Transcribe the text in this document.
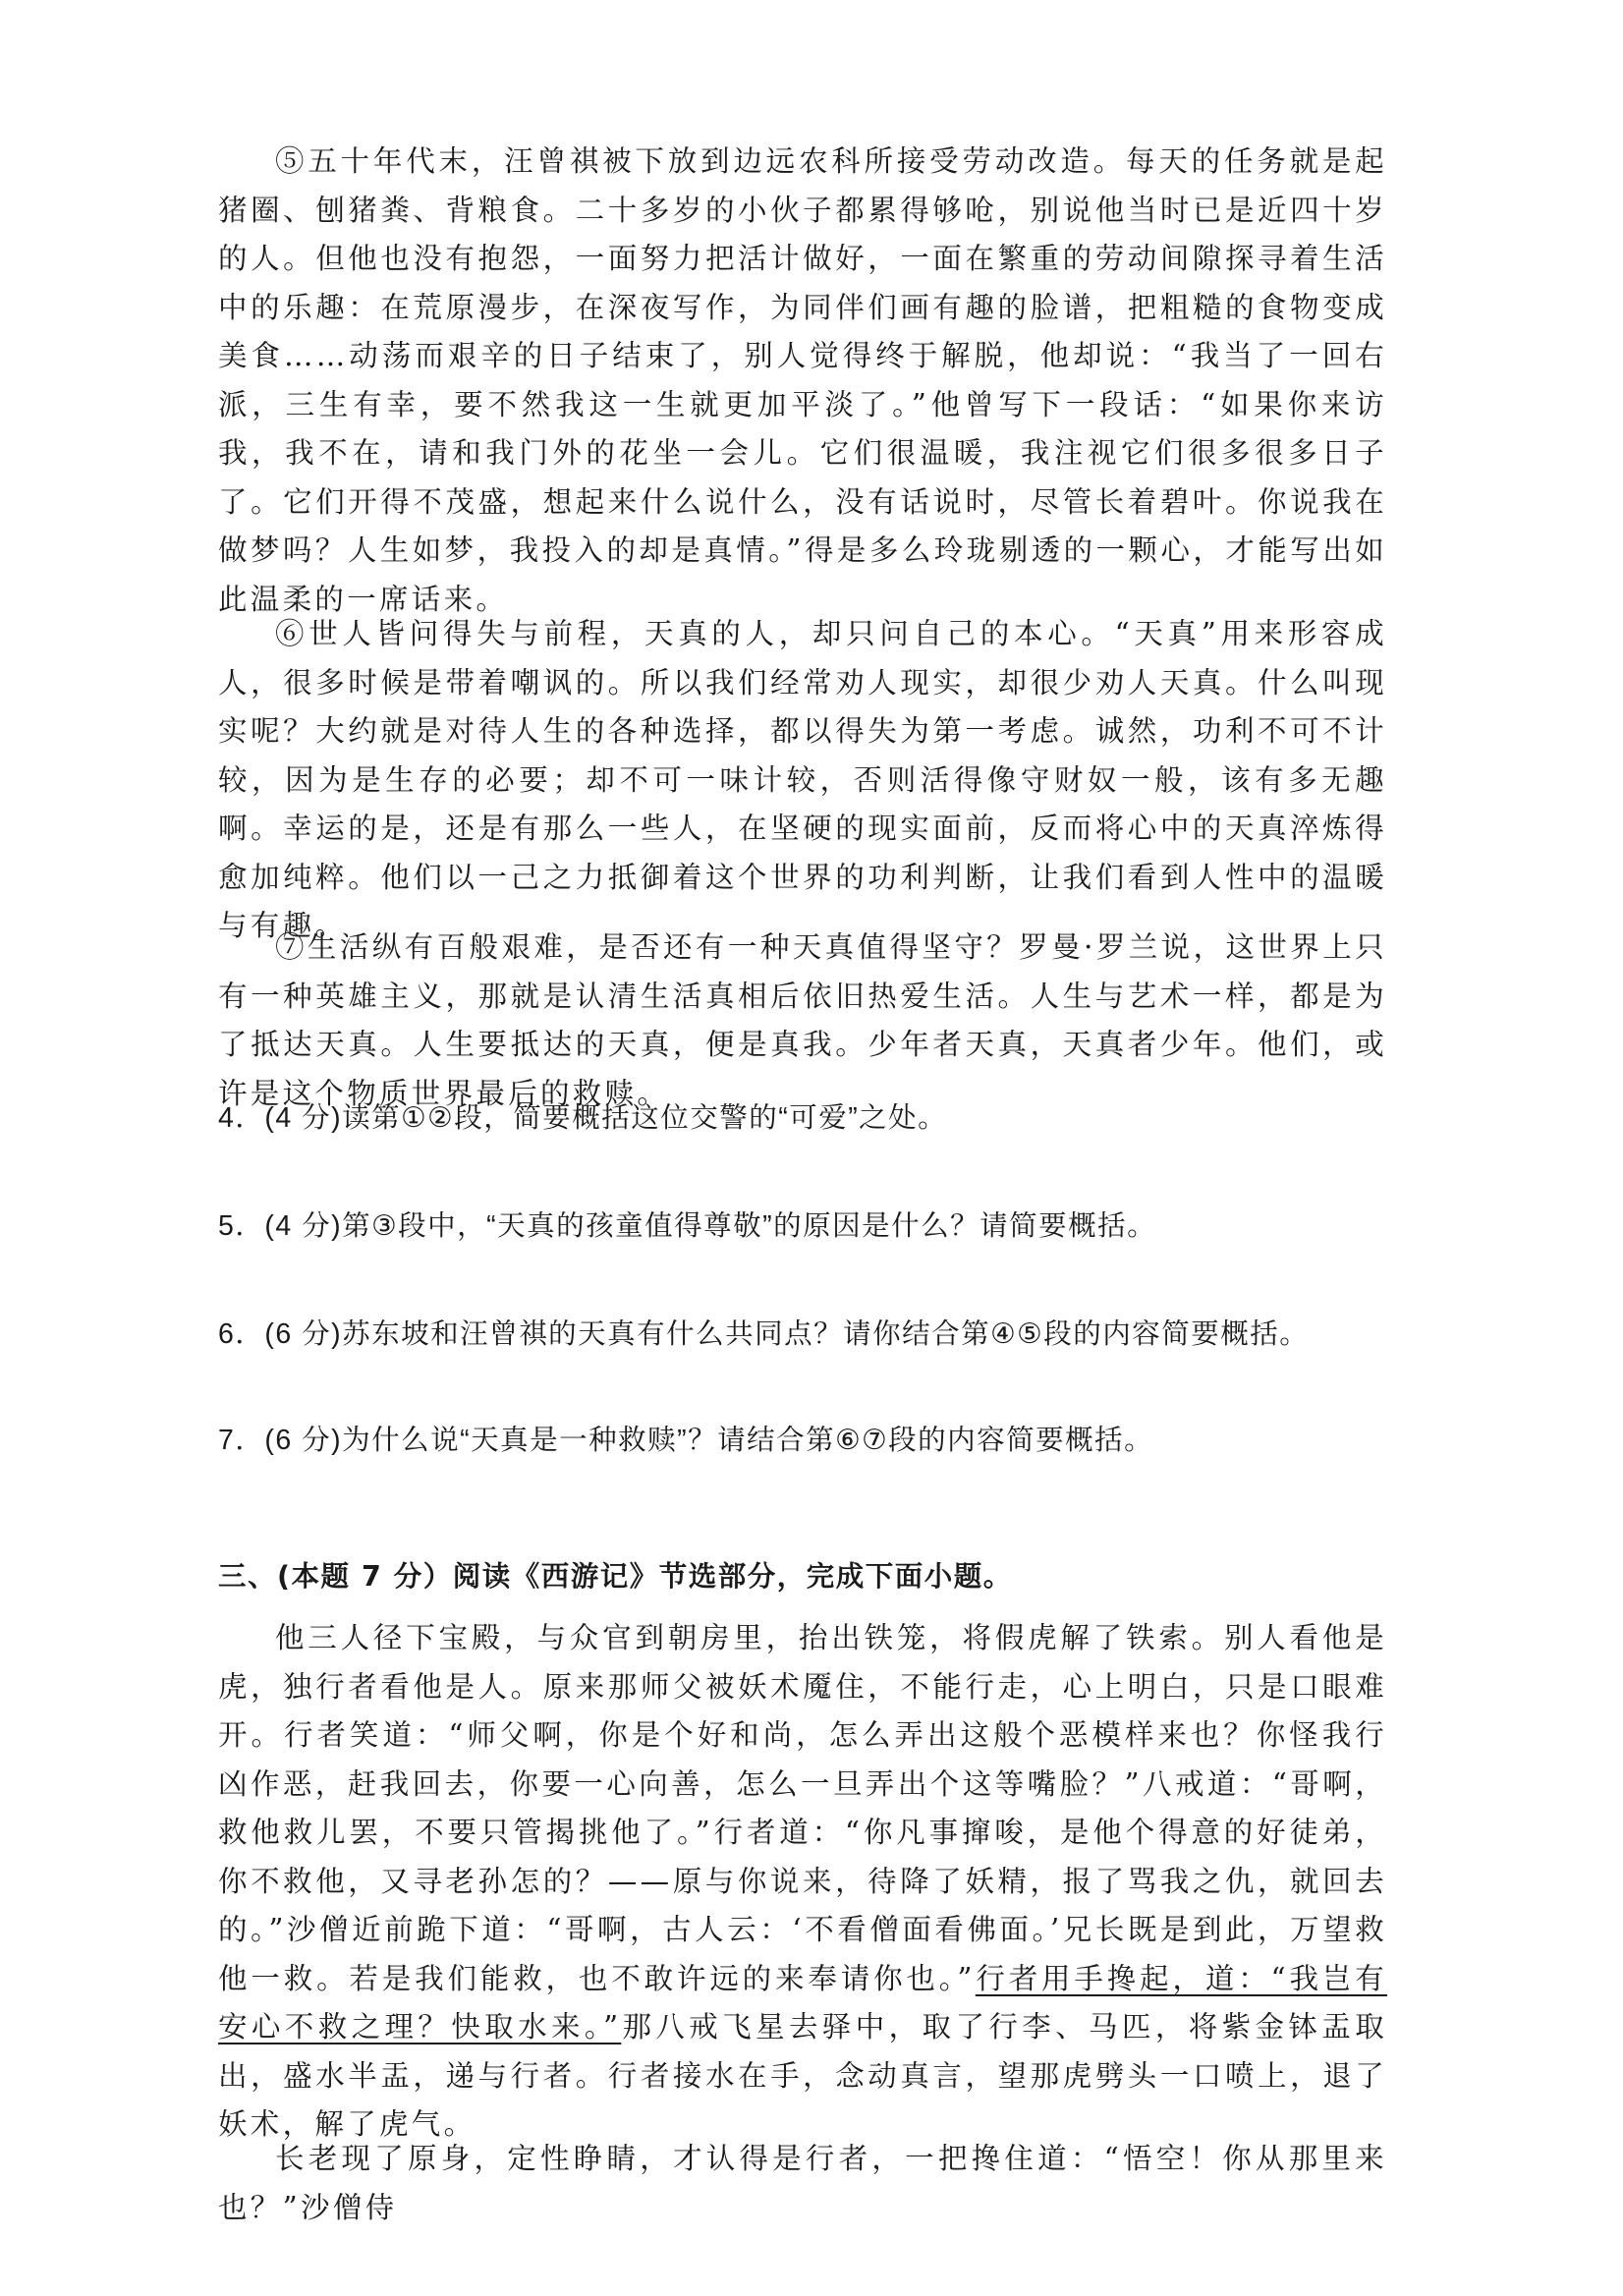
⑤五十年代末，汪曾祺被下放到边远农科所接受劳动改造。每天的任务就是起猪圈、刨猪粪、背粮食。二十多岁的小伙子都累得够呛，别说他当时已是近四十岁的人。但他也没有抱怨，一面努力把活计做好，一面在繁重的劳动间隙探寻着生活中的乐趣：在荒原漫步，在深夜写作，为同伴们画有趣的脸谱，把粗糙的食物变成美食……动荡而艰辛的日子结束了，别人觉得终于解脱，他却说：“我当了一回右派，三生有幸，要不然我这一生就更加平淡了。”他曾写下一段话：“如果你来访我，我不在，请和我门外的花坐一会儿。它们很温暖，我注视它们很多很多日子了。它们开得不茂盛，想起来什么说什么，没有话说时，尽管长着碧叶。你说我在做梦吗？人生如梦，我投入的却是真情。”得是多么玲珑剔透的一颗心，才能写出如此温柔的一席话来。

⑥世人皆问得失与前程，天真的人，却只问自己的本心。“天真”用来形容成人，很多时候是带着嘲讽的。所以我们经常劝人现实，却很少劝人天真。什么叫现实呢？大约就是对待人生的各种选择，都以得失为第一考虑。诚然，功利不可不计较，因为是生存的必要；却不可一味计较，否则活得像守财奴一般，该有多无趣啊。幸运的是，还是有那么一些人，在坚硬的现实面前，反而将心中的天真淬炼得愈加纯粹。他们以一己之力抵御着这个世界的功利判断，让我们看到人性中的温暖与有趣。

⑦生活纵有百般艰难，是否还有一种天真值得坚守？罗曼·罗兰说，这世界上只有一种英雄主义，那就是认清生活真相后依旧热爱生活。人生与艺术一样，都是为了抵达天真。人生要抵达的天真，便是真我。少年者天真，天真者少年。他们，或许是这个物质世界最后的救赎。

4．(4 分)读第①②段，简要概括这位交警的“可爱”之处。

5．(4 分)第③段中，“天真的孩童值得尊敬”的原因是什么？请简要概括。

6．(6 分)苏东坡和汪曾祺的天真有什么共同点？请你结合第④⑤段的内容简要概括。

7．(6 分)为什么说“天真是一种救赎”？请结合第⑥⑦段的内容简要概括。

三、(本题 7 分）阅读《西游记》节选部分，完成下面小题。

他三人径下宝殿，与众官到朝房里，抬出铁笼，将假虎解了铁索。别人看他是虎，独行者看他是人。原来那师父被妖术魇住，不能行走，心上明白，只是口眼难开。行者笑道：“师父啊，你是个好和尚，怎么弄出这般个恶模样来也？你怪我行凶作恶，赶我回去，你要一心向善，怎么一旦弄出个这等嘴脸？”八戒道：“哥啊，救他救儿罢，不要只管揭挑他了。”行者道：“你凡事撺唆，是他个得意的好徒弟，你不救他，又寻老孙怎的？——原与你说来，待降了妖精，报了骂我之仇，就回去的。”沙僧近前跪下道：“哥啊，古人云：‘不看僧面看佛面。’兄长既是到此，万望救他一救。若是我们能救，也不敢许远的来奉请你也。”行者用手搀起，道：“我岂有安心不救之理？快取水来。”那八戒飞星去驿中，取了行李、马匹，将紫金钵盂取出，盛水半盂，递与行者。行者接水在手，念动真言，望那虎劈头一口喷上，退了妖术，解了虎气。

长老现了原身，定性睁睛，才认得是行者，一把搀住道：“悟空！你从那里来也？”沙僧侍
